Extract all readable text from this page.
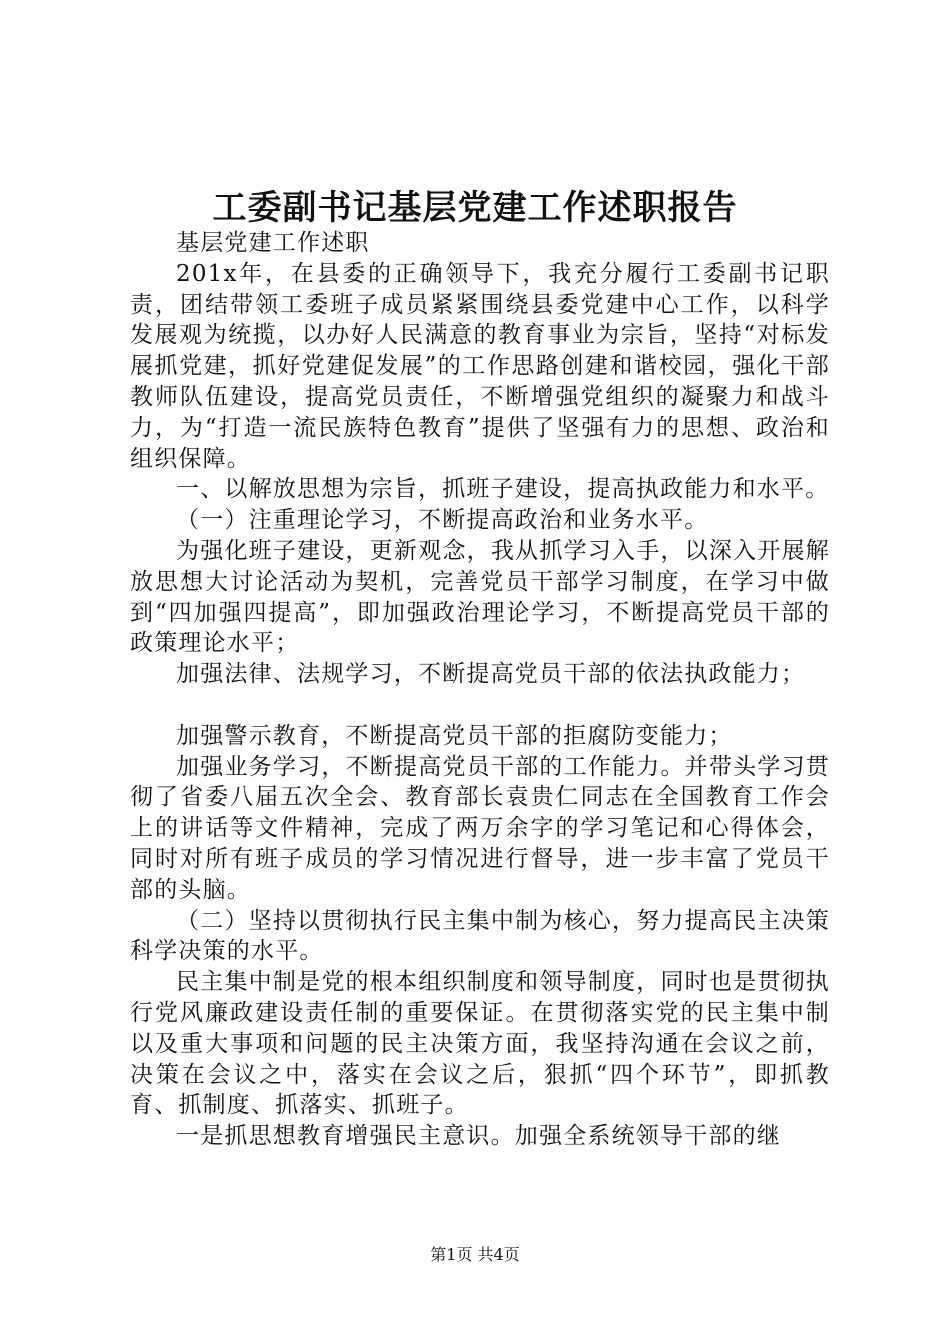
工委副书记基层党建工作述职报告

基层党建工作述职

201x年，在县委的正确领导下，我充分履行工委副书记职责，团结带领工委班子成员紧紧围绕县委党建中心工作，以科学发展观为统揽，以办好人民满意的教育事业为宗旨，坚持“对标发展抓党建，抓好党建促发展”的工作思路创建和谐校园，强化干部教师队伍建设，提高党员责任，不断增强党组织的凝聚力和战斗力，为“打造一流民族特色教育”提供了坚强有力的思想、政治和组织保障。

一、以解放思想为宗旨，抓班子建设，提高执政能力和水平。

（一）注重理论学习，不断提高政治和业务水平。

为强化班子建设，更新观念，我从抓学习入手，以深入开展解放思想大讨论活动为契机，完善党员干部学习制度，在学习中做到“四加强四提高”，即加强政治理论学习，不断提高党员干部的政策理论水平；

加强法律、法规学习，不断提高党员干部的依法执政能力；

加强警示教育，不断提高党员干部的拒腐防变能力；

加强业务学习，不断提高党员干部的工作能力。并带头学习贯彻了省委八届五次全会、教育部长袁贵仁同志在全国教育工作会上的讲话等文件精神，完成了两万余字的学习笔记和心得体会，同时对所有班子成员的学习情况进行督导，进一步丰富了党员干部的头脑。

（二）坚持以贯彻执行民主集中制为核心，努力提高民主决策科学决策的水平。

民主集中制是党的根本组织制度和领导制度，同时也是贯彻执行党风廉政建设责任制的重要保证。在贯彻落实党的民主集中制以及重大事项和问题的民主决策方面，我坚持沟通在会议之前，决策在会议之中，落实在会议之后，狠抓“四个环节”，即抓教育、抓制度、抓落实、抓班子。

一是抓思想教育增强民主意识。加强全系统领导干部的继

第1页 共4页
